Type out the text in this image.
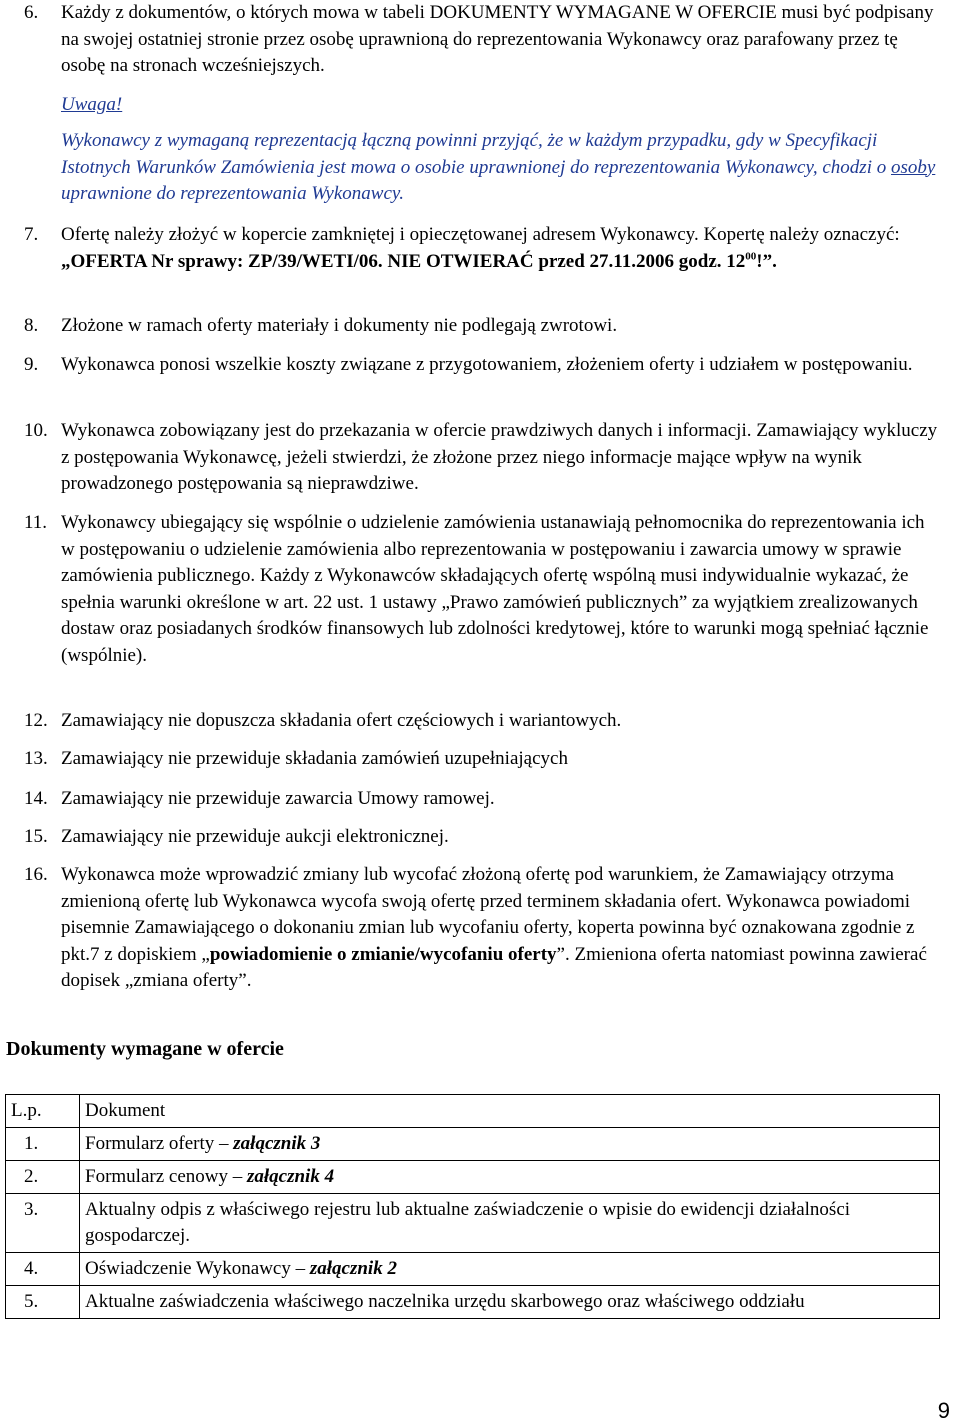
6. Każdy z dokumentów, o których mowa w tabeli DOKUMENTY WYMAGANE W OFERCIE musi być podpisany na swojej ostatniej stronie przez osobę uprawnioną do reprezentowania Wykonawcy oraz parafowany przez tę osobę na stronach wcześniejszych.
Uwaga!
Wykonawcy z wymaganą reprezentacją łączną powinni przyjąć, że w każdym przypadku, gdy w Specyfikacji Istotnych Warunków Zamówienia jest mowa o osobie uprawnionej do reprezentowania Wykonawcy, chodzi o osoby uprawnione do reprezentowania Wykonawcy.
7. Ofertę należy złożyć w kopercie zamkniętej i opieczętowanej adresem Wykonawcy. Kopertę należy oznaczyć: „OFERTA Nr sprawy: ZP/39/WETI/06. NIE OTWIERAĆ przed 27.11.2006 godz. $12^{00}$!”.
8. Złożone w ramach oferty materiały i dokumenty nie podlegają zwrotowi.
9. Wykonawca ponosi wszelkie koszty związane z przygotowaniem, złożeniem oferty i udziałem w postępowaniu.
10. Wykonawca zobowiązany jest do przekazania w ofercie prawdziwych danych i informacji. Zamawiający wykluczy z postępowania Wykonawcę, jeżeli stwierdzi, że złożone przez niego informacje mające wpływ na wynik prowadzonego postępowania są nieprawdziwe.
11. Wykonawcy ubiegający się wspólnie o udzielenie zamówienia ustanawiają pełnomocnika do reprezentowania ich w postępowaniu o udzielenie zamówienia albo reprezentowania w postępowaniu i zawarcia umowy w sprawie zamówienia publicznego. Każdy z Wykonawców składających ofertę wspólną musi indywidualnie wykazać, że spełnia warunki określone w art. 22 ust. 1 ustawy „Prawo zamówień publicznych” za wyjątkiem zrealizowanych dostaw oraz posiadanych środków finansowych lub zdolności kredytowej, które to warunki mogą spełniać łącznie (wspólnie).
12. Zamawiający nie dopuszcza składania ofert częściowych i wariantowych.
13. Zamawiający nie przewiduje składania zamówień uzupełniających
14. Zamawiający nie przewiduje zawarcia Umowy ramowej.
15. Zamawiający nie przewiduje aukcji elektronicznej.
16. Wykonawca może wprowadzić zmiany lub wycofać złożoną ofertę pod warunkiem, że Zamawiający otrzyma zmienioną ofertę lub Wykonawca wycofa swoją ofertę przed terminem składania ofert. Wykonawca powiadomi pisemnie Zamawiającego o dokonaniu zmian lub wycofaniu oferty, koperta powinna być oznakowana zgodnie z pkt.7 z dopiskiem „powiadomienie o zmianie/wycofaniu oferty”. Zmieniona oferta natomiast powinna zawierać dopisek „zmiana oferty”.
Dokumenty wymagane w ofercie
L.p.	Dokument
1.	Formularz oferty – załącznik 3
2.	Formularz cenowy – załącznik 4
3.	Aktualny odpis z właściwego rejestru lub aktualne zaświadczenie o wpisie do ewidencji działalności gospodarczej.
4.	Oświadczenie Wykonawcy – załącznik 2
5.	Aktualne zaświadczenia właściwego naczelnika urzędu skarbowego oraz właściwego oddziału
9
